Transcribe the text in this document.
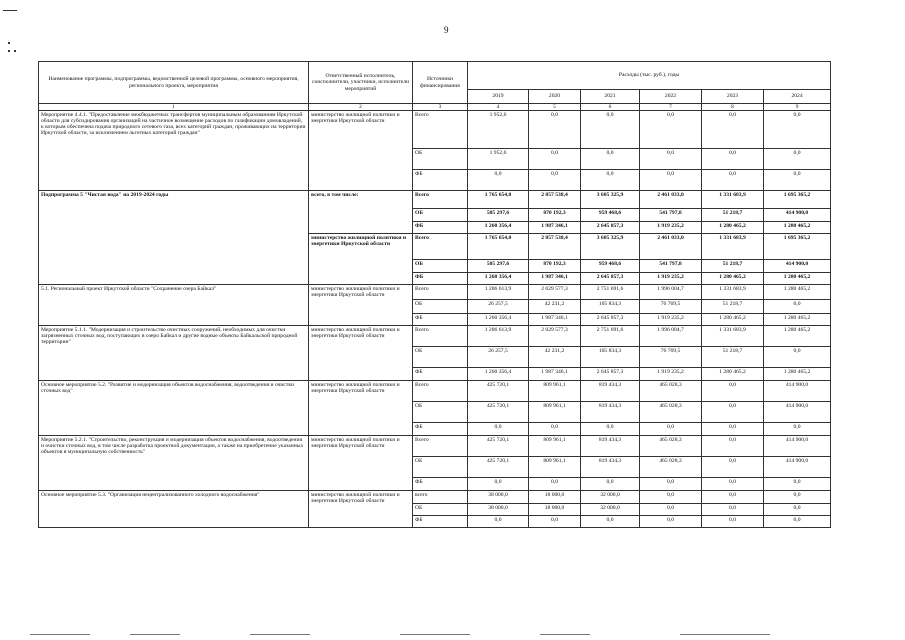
9
Наименование программы, подпрограммы, ведомственной целевой программы, основного мероприятия, регионального проекта, мероприятия	Ответственный исполнитель, соисполнители, участники, исполнители мероприятий	Источники финансирования	Расходы (тыс. руб.), годы					
			2019	2020	2021	2022	2023	2024
1	2	3	4	5	6	7	8	9
Мероприятие 4.4.1. "Предоставление межбюджетных трансфертов муниципальным образованиям Иркутской области для субсидирования организаций на частичное возмещение расходов по газификации домовладений, к которым обеспечена подача природного сетевого газа, всех категорий граждан, проживающих на территории Иркутской области, за исключением льготных категорий граждан"	министерство жилищной политики и энергетики Иркутской области	Всего	1 952,6	0,0	0,0	0,0	0,0	0,0
		ОБ	1 952,6	0,0	0,0	0,0	0,0	0,0
		ФБ	0,0	0,0	0,0	0,0	0,0	0,0
Подпрограмма 5 "Чистая вода" на 2019-2024 годы	всего, в том числе:	Всего	1 765 654,0	2 857 538,4	3 605 325,9	2 461 033,0	1 331 683,9	1 695 365,2
		ОБ	505 297,6	870 192,3	959 468,6	541 797,8	51 218,7	414 900,0
		ФБ	1 260 356,4	1 987 346,1	2 645 857,3	1 919 235,2	1 280 465,2	1 280 465,2
	министерство жилищной политики и энергетики Иркутской области	Всего	1 765 654,0	2 857 538,4	3 605 325,9	2 461 033,0	1 331 683,9	1 695 365,2
		ОБ	505 297,6	870 192,3	959 468,6	541 797,8	51 218,7	414 900,0
		ФБ	1 260 356,4	1 987 346,1	2 645 857,3	1 919 235,2	1 280 465,2	1 280 465,2
5.1. Региональный проект Иркутской области "Сохранение озера Байкал"	министерство жилищной политики и энергетики Иркутской области	Всего	1 286 613,9	2 029 577,3	2 751 691,6	1 996 004,7	1 331 683,9	1 280 465,2
		ОБ	26 257,5	42 231,2	105 834,3	76 769,5	51 218,7	0,0
		ФБ	1 260 356,4	1 987 346,1	2 645 857,3	1 919 235,2	1 280 465,2	1 280 465,2
Мероприятие 5.1.1. "Модернизация и строительство очистных сооружений, необходимых для очистки загрязненных сточных вод, поступающих в озеро Байкал и другие водные объекты Байкальской природной территории"	министерство жилищной политики и энергетики Иркутской области	Всего	1 286 613,9	2 029 577,3	2 751 691,6	1 996 004,7	1 331 683,9	1 280 465,2
		ОБ	26 257,5	42 231,2	105 834,3	76 769,5	51 218,7	0,0
		ФБ	1 260 356,4	1 987 346,1	2 645 857,3	1 919 235,2	1 280 465,2	1 280 465,2
Основное мероприятие 5.2. "Развитие и модернизация объектов водоснабжения, водоотведения и очистки сточных вод"	министерство жилищной политики и энергетики Иркутской области	Всего	425 720,1	809 961,1	819 434,3	465 028,3	0,0	414 900,0
		ОБ	425 720,1	809 961,1	819 434,3	465 028,3	0,0	414 900,0
		ФБ	0,0	0,0	0,0	0,0	0,0	0,0
Мероприятие 5.2.1. "Строительство, реконструкция и модернизация объектов водоснабжения, водоотведения и очистки сточных вод, в том числе разработка проектной документации, а также на приобретение указанных объектов в муниципальную собственность"	министерство жилищной политики и энергетики Иркутской области	Всего	425 720,1	809 961,1	819 434,3	465 028,3	0,0	414 900,0
		ОБ	425 720,1	809 961,1	819 434,3	465 028,3	0,0	414 900,0
		ФБ	0,0	0,0	0,0	0,0	0,0	0,0
Основное мероприятие 5.3. "Организация нецентрализованного холодного водоснабжения"	министерство жилищной политики и энергетики Иркутской области	всего	38 000,0	18 000,0	32 000,0	0,0	0,0	0,0
		ОБ	38 000,0	18 000,0	32 000,0	0,0	0,0	0,0
		ФБ	0,0	0,0	0,0	0,0	0,0	0,0
